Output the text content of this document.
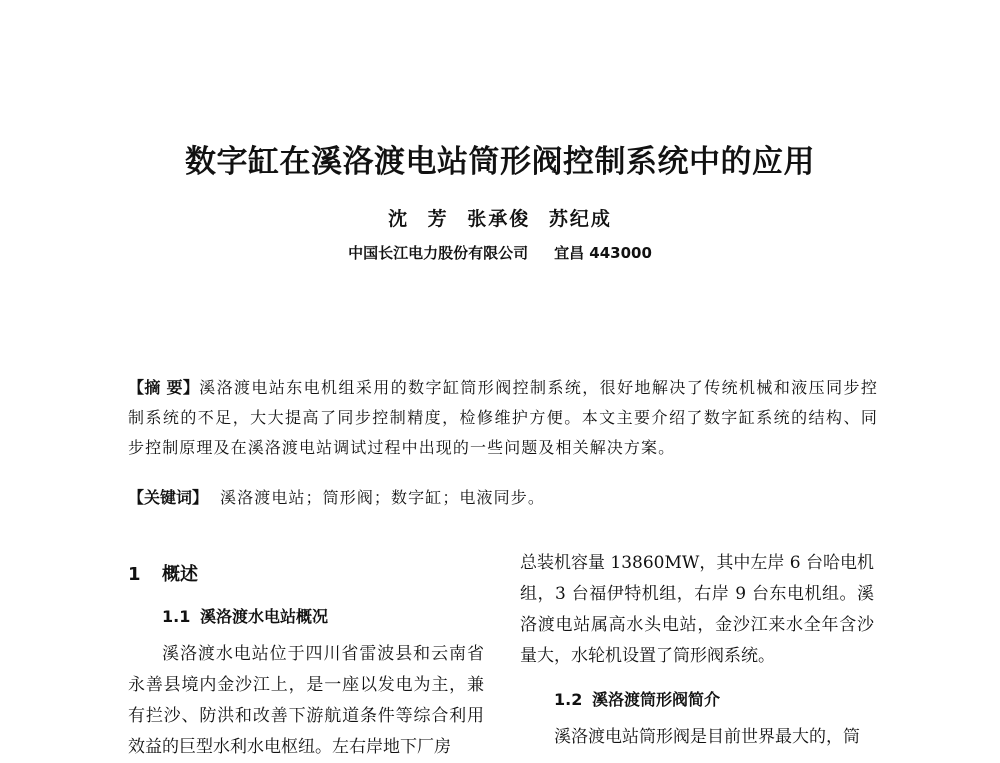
数字缸在溪洛渡电站筒形阀控制系统中的应用
沈 芳 张承俊 苏纪成
中国长江电力股份有限公司 宜昌 443000
【摘 要】溪洛渡电站东电机组采用的数字缸筒形阀控制系统，很好地解决了传统机械和液压同步控制系统的不足，大大提高了同步控制精度，检修维护方便。本文主要介绍了数字缸系统的结构、同步控制原理及在溪洛渡电站调试过程中出现的一些问题及相关解决方案。
【关键词】 溪洛渡电站；筒形阀；数字缸；电液同步。
1 概述
1.1 溪洛渡水电站概况
溪洛渡水电站位于四川省雷波县和云南省永善县境内金沙江上，是一座以发电为主，兼有拦沙、防洪和改善下游航道条件等综合利用效益的巨型水利水电枢纽。左右岸地下厂房
总装机容量 13860MW，其中左岸 6 台哈电机组，3 台福伊特机组，右岸 9 台东电机组。溪洛渡电站属高水头电站，金沙江来水全年含沙量大，水轮机设置了筒形阀系统。
1.2 溪洛渡筒形阀简介
溪洛渡电站筒形阀是目前世界最大的，筒
